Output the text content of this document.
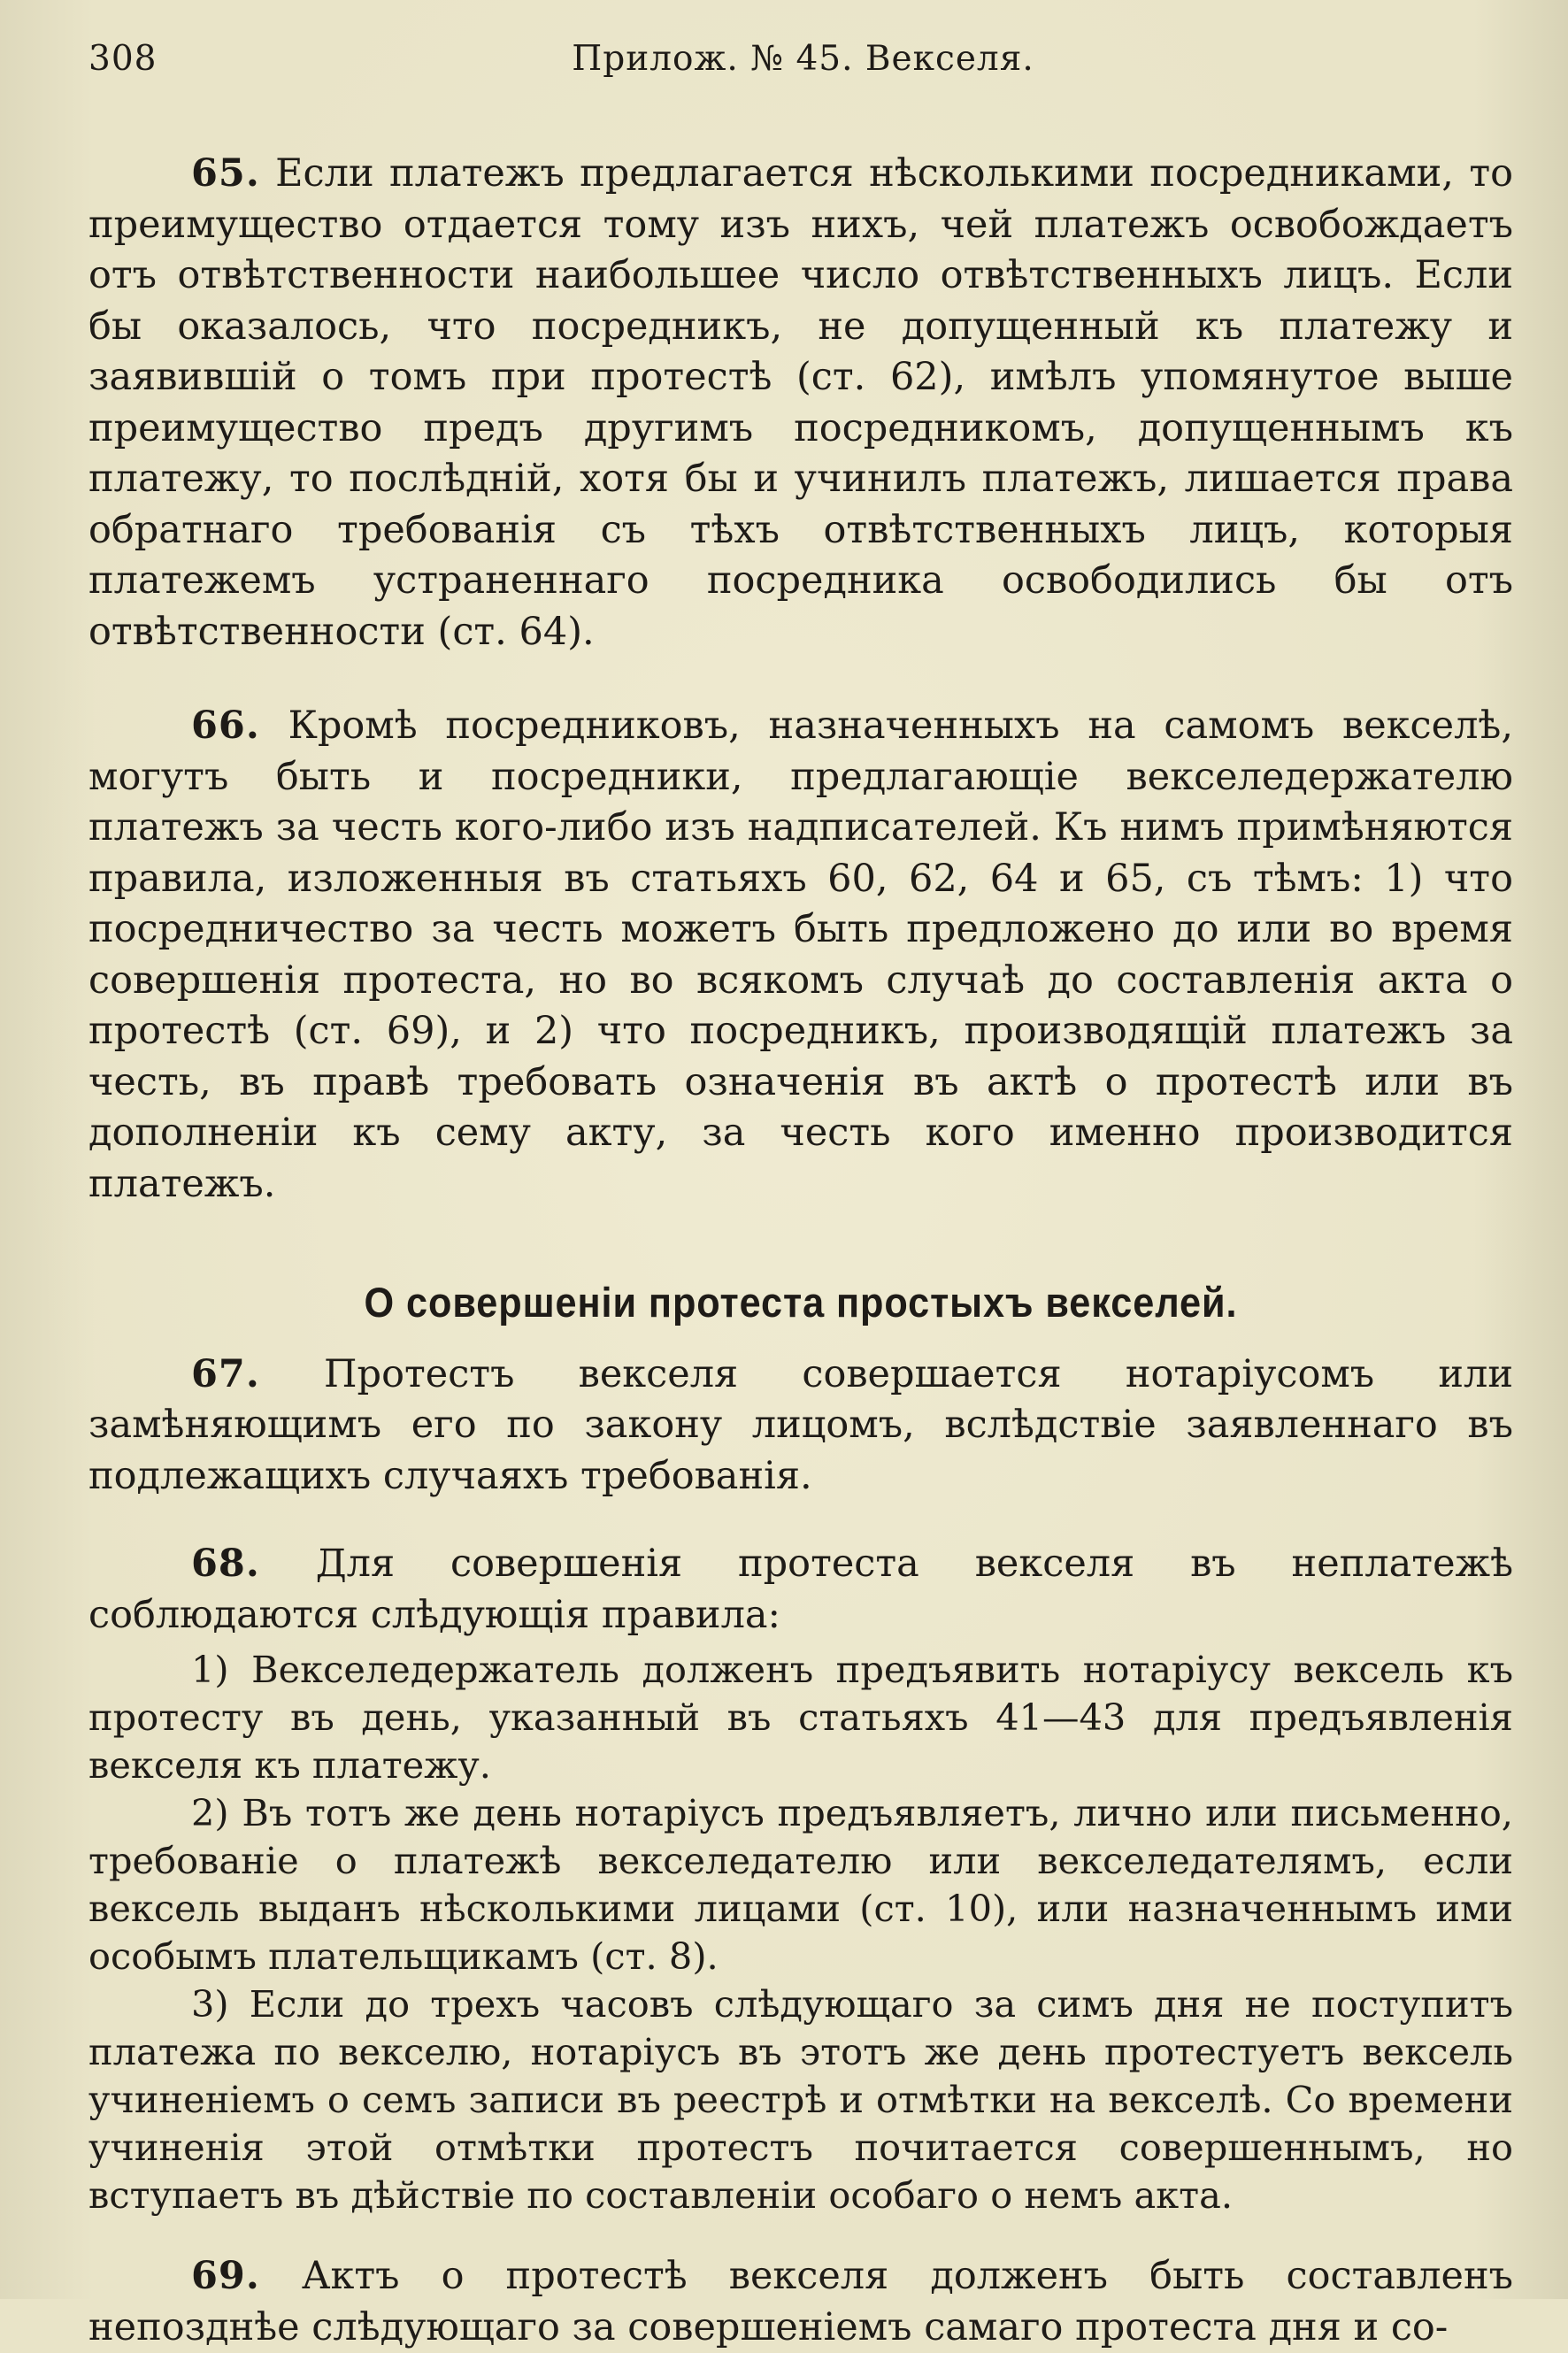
308	Прилож. № 45. Векселя.

65. Если платежъ предлагается нѣсколькими посредниками, то преимущество отдается тому изъ нихъ, чей платежъ освобождаетъ отъ отвѣтственности наибольшее число отвѣтственныхъ лицъ. Если бы оказалось, что посредникъ, не допущенный къ платежу и заявившій о томъ при протестѣ (ст. 62), имѣлъ упомянутое выше преимущество предъ другимъ посредникомъ, допущеннымъ къ платежу, то послѣдній, хотя бы и учинилъ платежъ, лишается права обратнаго требованія съ тѣхъ отвѣтственныхъ лицъ, которыя платежемъ устраненнаго посредника освободились бы отъ отвѣтственности (ст. 64).

66. Кромѣ посредниковъ, назначенныхъ на самомъ векселѣ, могутъ быть и посредники, предлагающіе векселедержателю платежъ за честь кого-либо изъ надписателей. Къ нимъ примѣняются правила, изложенныя въ статьяхъ 60, 62, 64 и 65, съ тѣмъ: 1) что посредничество за честь можетъ быть предложено до или во время совершенія протеста, но во всякомъ случаѣ до составленія акта о протестѣ (ст. 69), и 2) что посредникъ, производящій платежъ за честь, въ правѣ требовать означенія въ актѣ о протестѣ или въ дополненіи къ сему акту, за честь кого именно производится платежъ.

О совершеніи протеста простыхъ векселей.

67. Протестъ векселя совершается нотаріусомъ или замѣняющимъ его по закону лицомъ, вслѣдствіе заявленнаго въ подлежащихъ случаяхъ требованія.

68. Для совершенія протеста векселя въ неплатежѣ соблюдаются слѣдующія правила:

1) Векселедержатель долженъ предъявить нотаріусу вексель къ протесту въ день, указанный въ статьяхъ 41—43 для предъявленія векселя къ платежу.

2) Въ тотъ же день нотаріусъ предъявляетъ, лично или письменно, требованіе о платежѣ векселедателю или векселедателямъ, если вексель выданъ нѣсколькими лицами (ст. 10), или назначеннымъ ими особымъ плательщикамъ (ст. 8).

3) Если до трехъ часовъ слѣдующаго за симъ дня не поступитъ платежа по векселю, нотаріусъ въ этотъ же день протестуетъ вексель учиненіемъ о семъ записи въ реестрѣ и отмѣтки на векселѣ. Со времени учиненія этой отмѣтки протестъ почитается совершеннымъ, но вступаетъ въ дѣйствіе по составленіи особаго о немъ акта.

69. Актъ о протестѣ векселя долженъ быть составленъ непозднѣе слѣдующаго за совершеніемъ самаго протеста дня и со-
